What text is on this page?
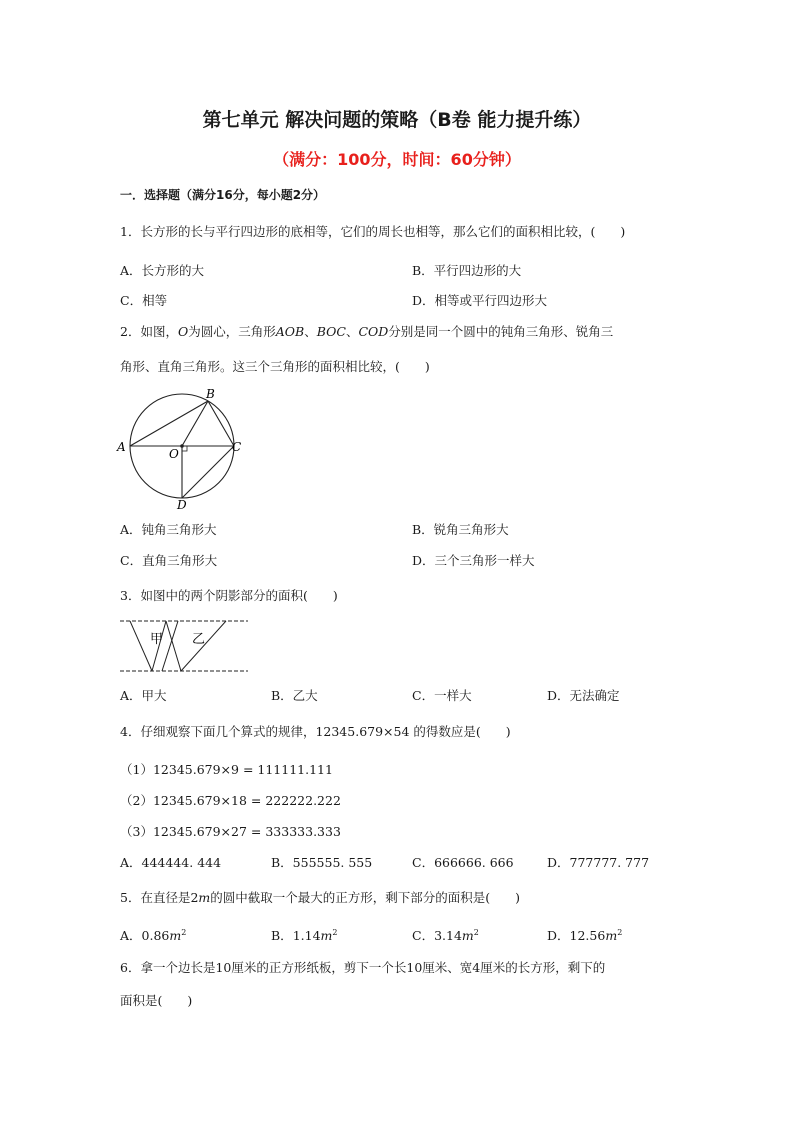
第七单元 解决问题的策略（B卷 能力提升练）
（满分：100分，时间：60分钟）
一．选择题（满分16分，每小题2分）
1．长方形的长与平行四边形的底相等，它们的周长也相等，那么它们的面积相比较，(　　)
A．长方形的大	B．平行四边形的大
C．相等	D．相等或平行四边形大
2．如图，O为圆心，三角形AOB、BOC、COD分别是同一个圆中的钝角三角形、锐角三
角形、直角三角形。这三个三角形的面积相比较，(　　)
A
B
C
D
O
A．钝角三角形大	B．锐角三角形大
C．直角三角形大	D．三个三角形一样大
3．如图中的两个阴影部分的面积(　　)
甲 乙
A．甲大	B．乙大	C．一样大	D．无法确定
4．仔细观察下面几个算式的规律，12345.679×54 的得数应是(　　)
（1）12345.679×9 = 111111.111
（2）12345.679×18 = 222222.222
（3）12345.679×27 = 333333.333
A．444444. 444	B．555555. 555	C．666666. 666	D．777777. 777
5．在直径是2m的圆中截取一个最大的正方形，剩下部分的面积是(　　)
A．$0.86m^2$	B．$1.14m^2$	C．$3.14m^2$	D．$12.56m^2$
6．拿一个边长是10厘米的正方形纸板，剪下一个长10厘米、宽4厘米的长方形，剩下的
面积是(　　)
